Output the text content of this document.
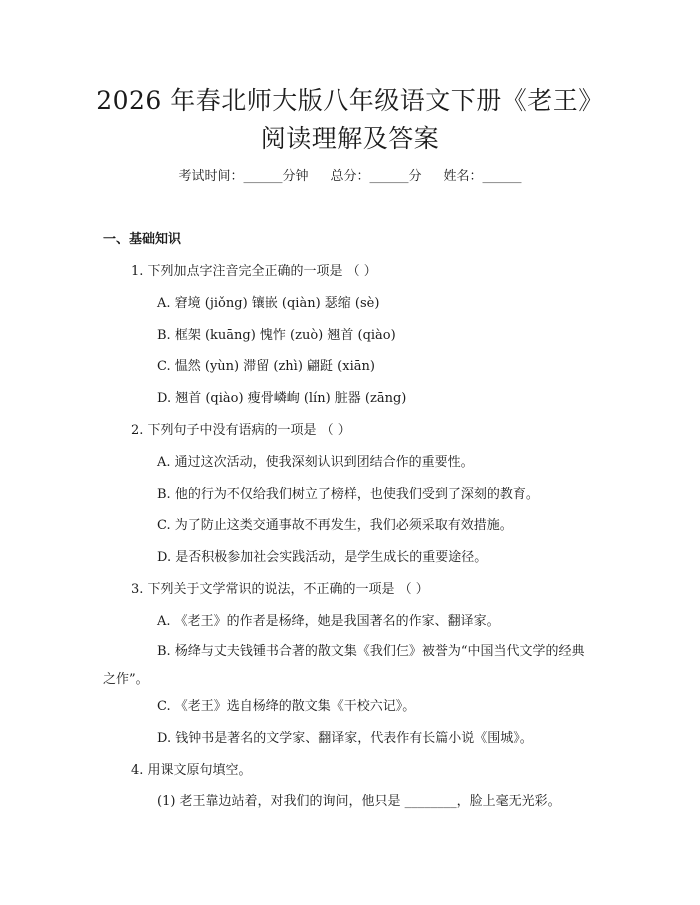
2026 年春北师大版八年级语文下册《老王》
阅读理解及答案
考试时间：______分钟 总分：______分 姓名：______
一、基础知识
1. 下列加点字注音完全正确的一项是 （ ）
A. 窘境 (jiǒng) 镶嵌 (qiàn) 瑟缩 (sè)
B. 框架 (kuāng) 愧怍 (zuò) 翘首 (qiào)
C. 愠然 (yùn) 滞留 (zhì) 翩跹 (xiān)
D. 翘首 (qiào) 瘦骨嶙峋 (lín) 脏器 (zāng)
2. 下列句子中没有语病的一项是 （ ）
A. 通过这次活动，使我深刻认识到团结合作的重要性。
B. 他的行为不仅给我们树立了榜样，也使我们受到了深刻的教育。
C. 为了防止这类交通事故不再发生，我们必须采取有效措施。
D. 是否积极参加社会实践活动，是学生成长的重要途径。
3. 下列关于文学常识的说法，不正确的一项是 （ ）
A. 《老王》的作者是杨绛，她是我国著名的作家、翻译家。
B. 杨绛与丈夫钱锺书合著的散文集《我们仨》被誉为“中国当代文学的经典之作”。
C. 《老王》选自杨绛的散文集《干校六记》。
D. 钱钟书是著名的文学家、翻译家，代表作有长篇小说《围城》。
4. 用课文原句填空。
(1) 老王靠边站着，对我们的询问，他只是 ________，脸上毫无光彩。
